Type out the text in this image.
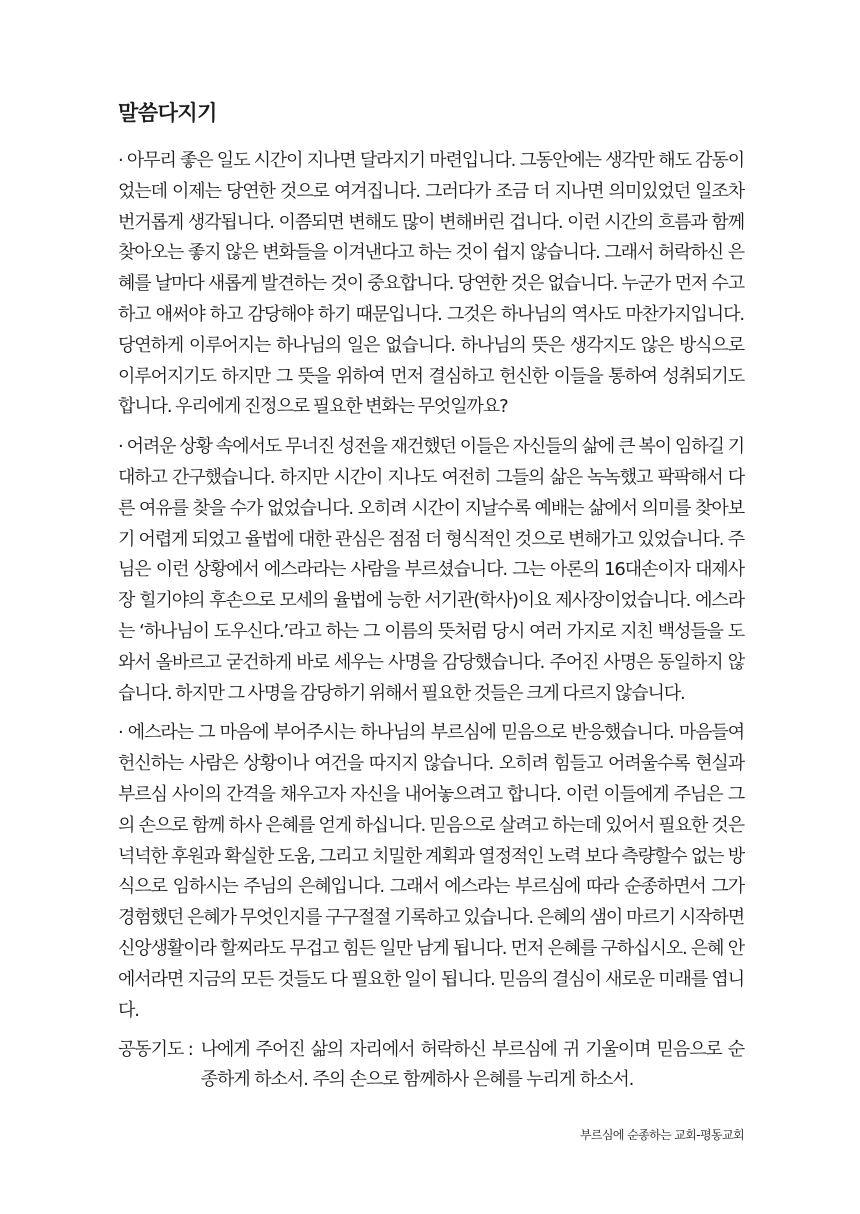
말씀다지기

· 아무리 좋은 일도 시간이 지나면 달라지기 마련입니다. 그동안에는 생각만 해도 감동이었는데 이제는 당연한 것으로 여겨집니다. 그러다가 조금 더 지나면 의미있었던 일조차 번거롭게 생각됩니다. 이쯤되면 변해도 많이 변해버린 겁니다. 이런 시간의 흐름과 함께 찾아오는 좋지 않은 변화들을 이겨낸다고 하는 것이 쉽지 않습니다. 그래서 허락하신 은혜를 날마다 새롭게 발견하는 것이 중요합니다. 당연한 것은 없습니다. 누군가 먼저 수고하고 애써야 하고 감당해야 하기 때문입니다. 그것은 하나님의 역사도 마찬가지입니다. 당연하게 이루어지는 하나님의 일은 없습니다. 하나님의 뜻은 생각지도 않은 방식으로 이루어지기도 하지만 그 뜻을 위하여 먼저 결심하고 헌신한 이들을 통하여 성취되기도 합니다. 우리에게 진정으로 필요한 변화는 무엇일까요?

· 어려운 상황 속에서도 무너진 성전을 재건했던 이들은 자신들의 삶에 큰 복이 임하길 기대하고 간구했습니다. 하지만 시간이 지나도 여전히 그들의 삶은 녹녹했고 팍팍해서 다른 여유를 찾을 수가 없었습니다. 오히려 시간이 지날수록 예배는 삶에서 의미를 찾아보기 어렵게 되었고 율법에 대한 관심은 점점 더 형식적인 것으로 변해가고 있었습니다. 주님은 이런 상황에서 에스라라는 사람을 부르셨습니다. 그는 아론의 16대손이자 대제사장 힐기야의 후손으로 모세의 율법에 능한 서기관(학사)이요 제사장이었습니다. 에스라는 ‘하나님이 도우신다.’라고 하는 그 이름의 뜻처럼 당시 여러 가지로 지친 백성들을 도와서 올바르고 굳건하게 바로 세우는 사명을 감당했습니다. 주어진 사명은 동일하지 않습니다. 하지만 그 사명을 감당하기 위해서 필요한 것들은 크게 다르지 않습니다.

· 에스라는 그 마음에 부어주시는 하나님의 부르심에 믿음으로 반응했습니다. 마음들여 헌신하는 사람은 상황이나 여건을 따지지 않습니다. 오히려 힘들고 어려울수록 현실과 부르심 사이의 간격을 채우고자 자신을 내어놓으려고 합니다. 이런 이들에게 주님은 그의 손으로 함께 하사 은혜를 얻게 하십니다. 믿음으로 살려고 하는데 있어서 필요한 것은 넉넉한 후원과 확실한 도움, 그리고 치밀한 계획과 열정적인 노력 보다 측량할수 없는 방식으로 임하시는 주님의 은혜입니다. 그래서 에스라는 부르심에 따라 순종하면서 그가 경험했던 은혜가 무엇인지를 구구절절 기록하고 있습니다. 은혜의 샘이 마르기 시작하면 신앙생활이라 할찌라도 무겁고 힘든 일만 남게 됩니다. 먼저 은혜를 구하십시오. 은혜 안에서라면 지금의 모든 것들도 다 필요한 일이 됩니다. 믿음의 결심이 새로운 미래를 엽니다.

공동기도 : 나에게 주어진 삶의 자리에서 허락하신 부르심에 귀 기울이며 믿음으로 순종하게 하소서. 주의 손으로 함께하사 은혜를 누리게 하소서.
부르심에 순종하는 교회-평동교회
